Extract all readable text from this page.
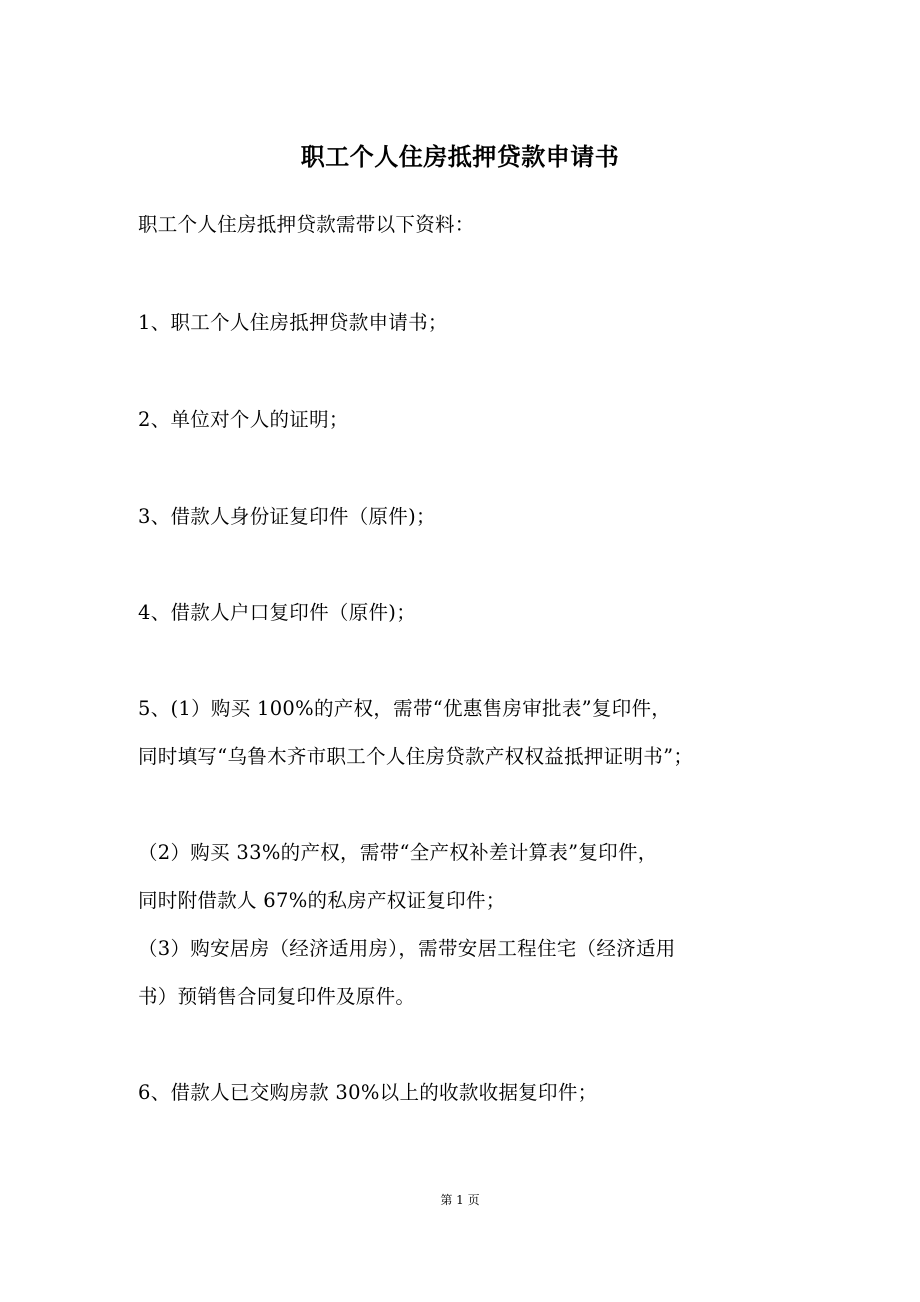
职工个人住房抵押贷款申请书
职工个人住房抵押贷款需带以下资料：
1、职工个人住房抵押贷款申请书；
2、单位对个人的证明；
3、借款人身份证复印件（原件)；
4、借款人户口复印件（原件)；
5、(1）购买 100%的产权，需带“优惠售房审批表”复印件，
同时填写“乌鲁木齐市职工个人住房贷款产权权益抵押证明书”；
（2）购买 33%的产权，需带“全产权补差计算表”复印件，
同时附借款人 67%的私房产权证复印件；
（3）购安居房（经济适用房），需带安居工程住宅（经济适用
书）预销售合同复印件及原件。
6、借款人已交购房款 30%以上的收款收据复印件；
第 1 页
